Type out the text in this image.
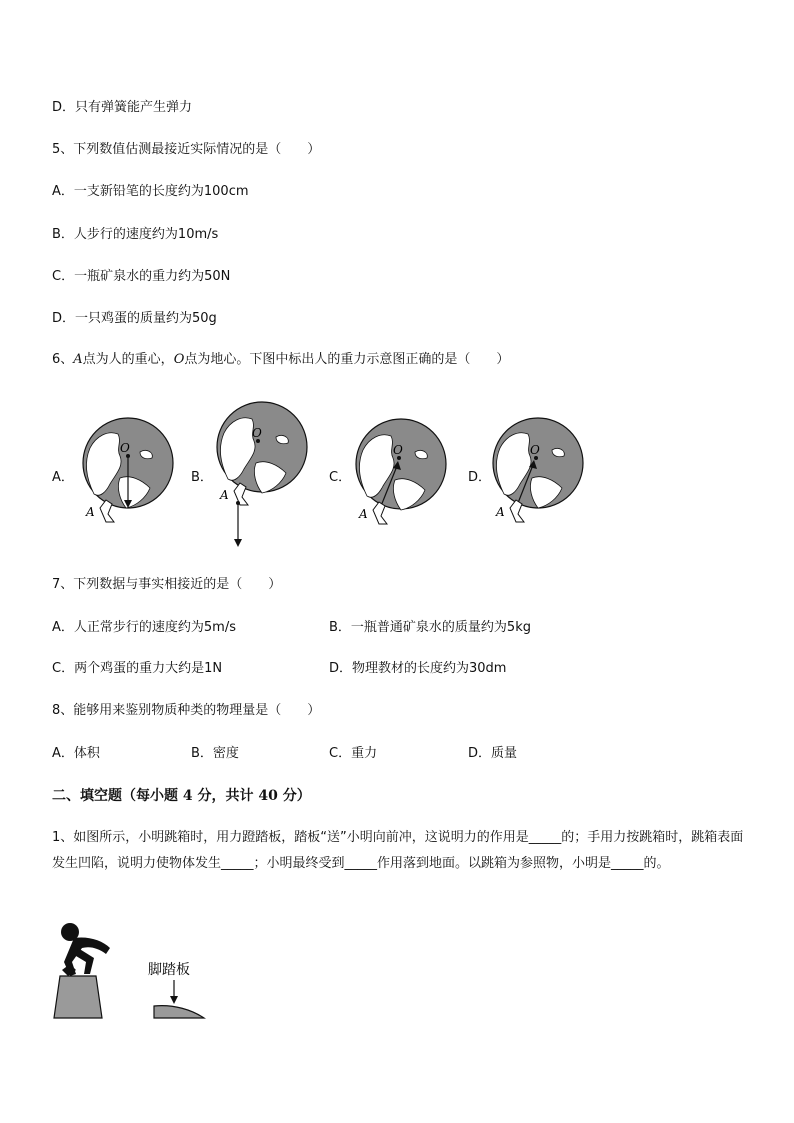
D．只有弹簧能产生弹力
5、下列数值估测最接近实际情况的是（　　）
A．一支新铅笔的长度约为100cm
B．人步行的速度约为10m/s
C．一瓶矿泉水的重力约为50N
D．一只鸡蛋的质量约为50g
6、A点为人的重心，O点为地心。下图中标出人的重力示意图正确的是（　　）
A．	B．	C．	D．
O
A
O
A
O
A
O
A
7、下列数据与事实相接近的是（　　）
A．人正常步行的速度约为5m/s	B．一瓶普通矿泉水的质量约为5kg
C．两个鸡蛋的重力大约是1N	D．物理教材的长度约为30dm
8、能够用来鉴别物质种类的物理量是（　　）
A．体积	B．密度	C．重力	D．质量
二、填空题（每小题 4 分，共计 40 分）
1、如图所示，小明跳箱时，用力蹬踏板，踏板“送”小明向前冲，这说明力的作用是_____的；手用力按跳箱时，跳箱表面发生凹陷，说明力使物体发生_____；小明最终受到_____作用落到地面。以跳箱为参照物，小明是_____的。
脚踏板
